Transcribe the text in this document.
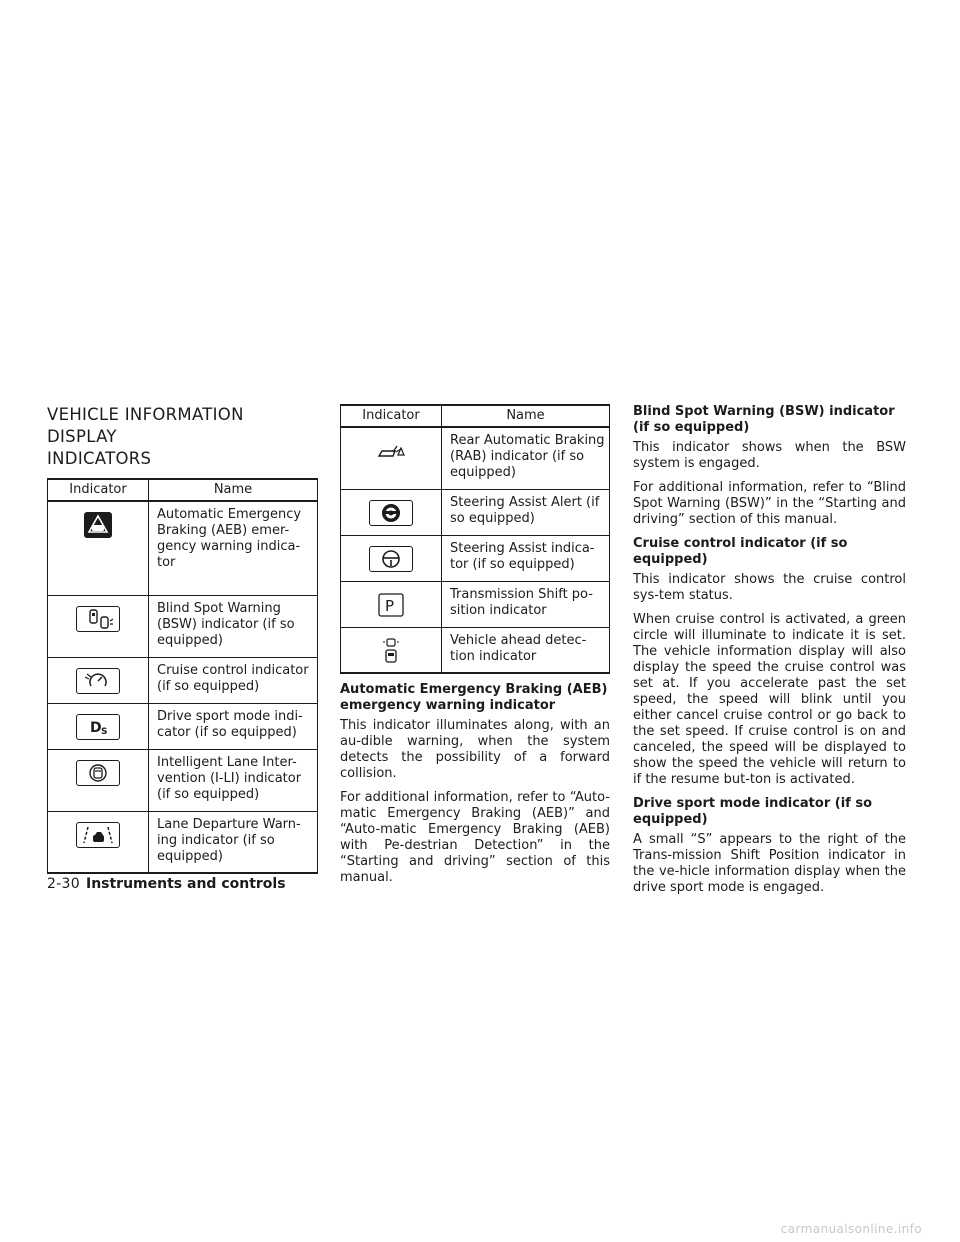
VEHICLE INFORMATION DISPLAY
INDICATORS
Indicator	Name
	Automatic Emergency Braking (AEB) emer-gency warning indica-tor

	Blind Spot Warning (BSW) indicator (if so equipped)

	Cruise control indicator (if so equipped)

D S	Drive sport mode indi-cator (if so equipped)

	Intelligent Lane Inter-vention (I-LI) indicator (if so equipped)

	Lane Departure Warn-ing indicator (if so equipped)
Indicator	Name
	Rear Automatic Braking (RAB) indicator (if so equipped)

	Steering Assist Alert (if so equipped)

	Steering Assist indica-tor (if so equipped)

P	Transmission Shift po-sition indicator
	Vehicle ahead detec-tion indicator
Automatic Emergency Braking (AEB) emergency warning indicator

This indicator illuminates along, with an au-dible warning, when the system detects the possibility of a forward collision.

For additional information, refer to “Auto-matic Emergency Braking (AEB)” and “Auto-matic Emergency Braking (AEB) with Pe-destrian Detection” in the “Starting and driving” section of this manual.

Blind Spot Warning (BSW) indicator (if so equipped)

This indicator shows when the BSW system is engaged.

For additional information, refer to “Blind Spot Warning (BSW)” in the “Starting and driving” section of this manual.

Cruise control indicator (if so equipped)

This indicator shows the cruise control sys-tem status.

When cruise control is activated, a green circle will illuminate to indicate it is set. The vehicle information display will also display the speed the cruise control was set at. If you accelerate past the set speed, the speed will blink until you either cancel cruise control or go back to the set speed. If cruise control is on and canceled, the speed will be displayed to show the speed the vehicle will return to if the resume but-ton is activated.

Drive sport mode indicator (if so equipped)

A small “S” appears to the right of the Trans-mission Shift Position indicator in the ve-hicle information display when the drive sport mode is engaged.

2-30 Instruments and controls
carmanualsonline.info
